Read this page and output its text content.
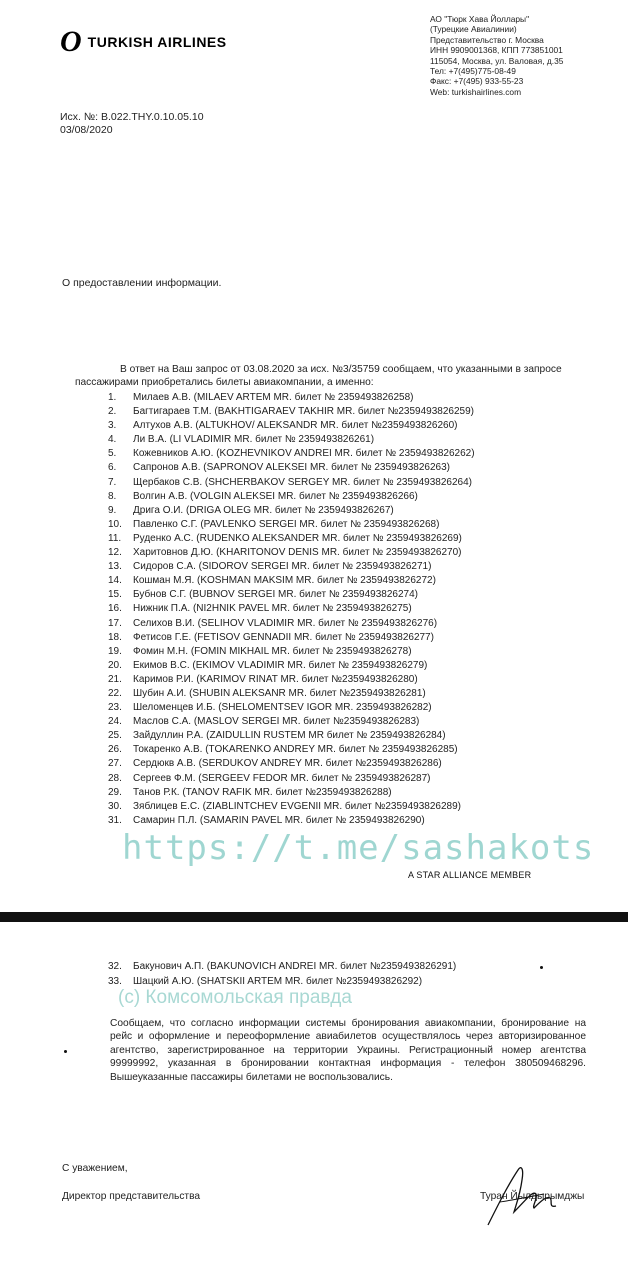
O TURKISH AIRLINES
АО "Тюрк Хава Йоллары"
(Турецкие Авиалинии)
Представительство г. Москва
ИНН 9909001368, КПП 773851001
115054, Москва, ул. Валовая, д.35
Тел: +7(495)775-08-49
Факс: +7(495) 933-55-23
Web: turkishairlines.com
Исх. №: B.022.THY.0.10.05.10
03/08/2020
О предоставлении информации.
В ответ на Ваш запрос от 03.08.2020 за исх. №3/35759 сообщаем, что указанными в запросе
пассажирами приобретались билеты авиакомпании, а именно:
1.	Милаев А.В. (MILAEV ARTEM MR. билет № 2359493826258)
2.	Багтигараев Т.М. (BAKHTIGARAEV TAKHIR MR. билет №2359493826259)
3.	Алтухов А.В. (ALTUKHOV/ ALEKSANDR MR. билет №2359493826260)
4.	Ли В.А. (LI VLADIMIR MR. билет № 2359493826261)
5.	Кожевников А.Ю. (KOZHEVNIKOV ANDREI MR. билет № 2359493826262)
6.	Сапронов А.В. (SAPRONOV ALEKSEI MR. билет № 2359493826263)
7.	Щербаков С.В. (SHCHERBAKOV SERGEY MR. билет № 2359493826264)
8.	Волгин А.В. (VOLGIN ALEKSEI MR. билет № 2359493826266)
9.	Дрига О.И. (DRIGA OLEG MR. билет № 2359493826267)
10.	Павленко С.Г. (PAVLENKO SERGEI MR. билет № 2359493826268)
11.	Руденко А.С. (RUDENKO ALEKSANDER MR. билет № 2359493826269)
12.	Харитовнов Д.Ю. (KHARITONOV DENIS MR. билет № 2359493826270)
13.	Сидоров С.А. (SIDOROV SERGEI MR. билет № 2359493826271)
14.	Кошман М.Я. (KOSHMAN MAKSIM MR. билет № 2359493826272)
15.	Бубнов С.Г. (BUBNOV SERGEI MR. билет № 2359493826274)
16.	Нижник П.А. (NI2HNIK PAVEL MR. билет № 2359493826275)
17.	Селихов В.И. (SELIHOV VLADIMIR MR. билет № 2359493826276)
18.	Фетисов Г.Е. (FETISOV GENNADII MR. билет № 2359493826277)
19.	Фомин М.Н. (FOMIN MIKHAIL MR. билет № 2359493826278)
20.	Екимов В.С. (EKIMOV VLADIMIR MR. билет № 2359493826279)
21.	Каримов Р.И. (KARIMOV RINAT MR. билет №2359493826280)
22.	Шубин А.И. (SHUBIN ALEKSANR MR. билет №2359493826281)
23.	Шеломенцев И.Б. (SHELOMENTSEV IGOR MR. 2359493826282)
24.	Маслов С.А. (MASLOV SERGEI MR. билет №2359493826283)
25.	Зайдуллин Р.А. (ZAIDULLIN RUSTEM MR билет № 2359493826284)
26.	Токаренко А.В. (TOKARENKO ANDREY MR. билет № 2359493826285)
27.	Сердюкв А.В. (SERDUKOV ANDREY MR. билет №2359493826286)
28.	Сергеев Ф.М. (SERGEEV FEDOR MR. билет № 2359493826287)
29.	Танов Р.К. (TANOV RAFIK MR. билет №2359493826288)
30.	Зяблицев Е.С. (ZIABLINTCHEV EVGENII MR. билет №2359493826289)
31.	Самарин П.Л. (SAMARIN PAVEL MR. билет № 2359493826290)
https://t.me/sashakots
A STAR ALLIANCE MEMBER
32.	Бакунович А.П. (BAKUNOVICH ANDREI MR. билет №2359493826291)
33.	Шацкий А.Ю. (SHATSKII ARTEM MR. билет №2359493826292)
(c) Комсомольская правда
Сообщаем, что согласно информации системы бронирования авиакомпании, бронирование на рейс и оформление и переоформление авиабилетов осуществлялось через авторизированное агентство, зарегистрированное на территории Украины. Регистрационный номер агентства 99999992, указанная в бронировании контактная информация - телефон 380509468296. Вышеуказанные пассажиры билетами не воспользовались.
С уважением,
Директор представительства	Туран Йылдырымджы
